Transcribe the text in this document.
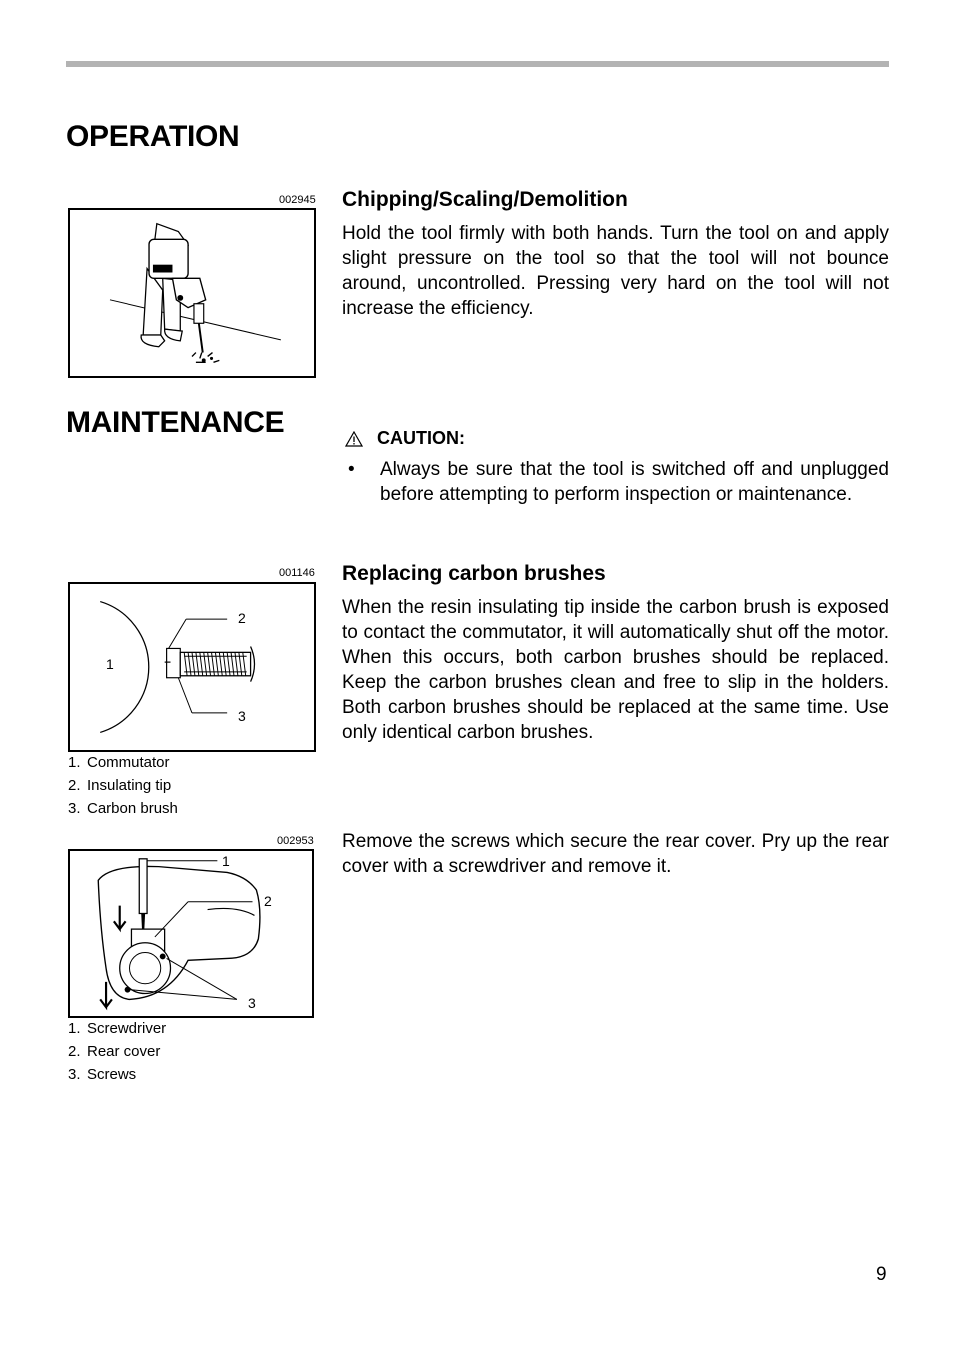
OPERATION
002945 Chipping/Scaling/Demolition

Hold the tool firmly with both hands. Turn the tool on and apply slight pressure on the tool so that the tool will not bounce around, uncontrolled. Pressing very hard on the tool will not increase the efficiency.

MAINTENANCE	CAUTION:
•	Always be sure that the tool is switched off and unplugged before attempting to perform inspection or maintenance.
001146
1
2
3
1. Commutator
2. Insulating tip
3. Carbon brush
Replacing carbon brushes

When the resin insulating tip inside the carbon brush is exposed to contact the commutator, it will automatically shut off the motor. When this occurs, both carbon brushes should be replaced. Keep the carbon brushes clean and free to slip in the holders. Both carbon brushes should be replaced at the same time. Use only identical carbon brushes.

002953
1
2
3
1. Screwdriver
2. Rear cover
3. Screws

Remove the screws which secure the rear cover. Pry up the rear cover with a screwdriver and remove it.

9
